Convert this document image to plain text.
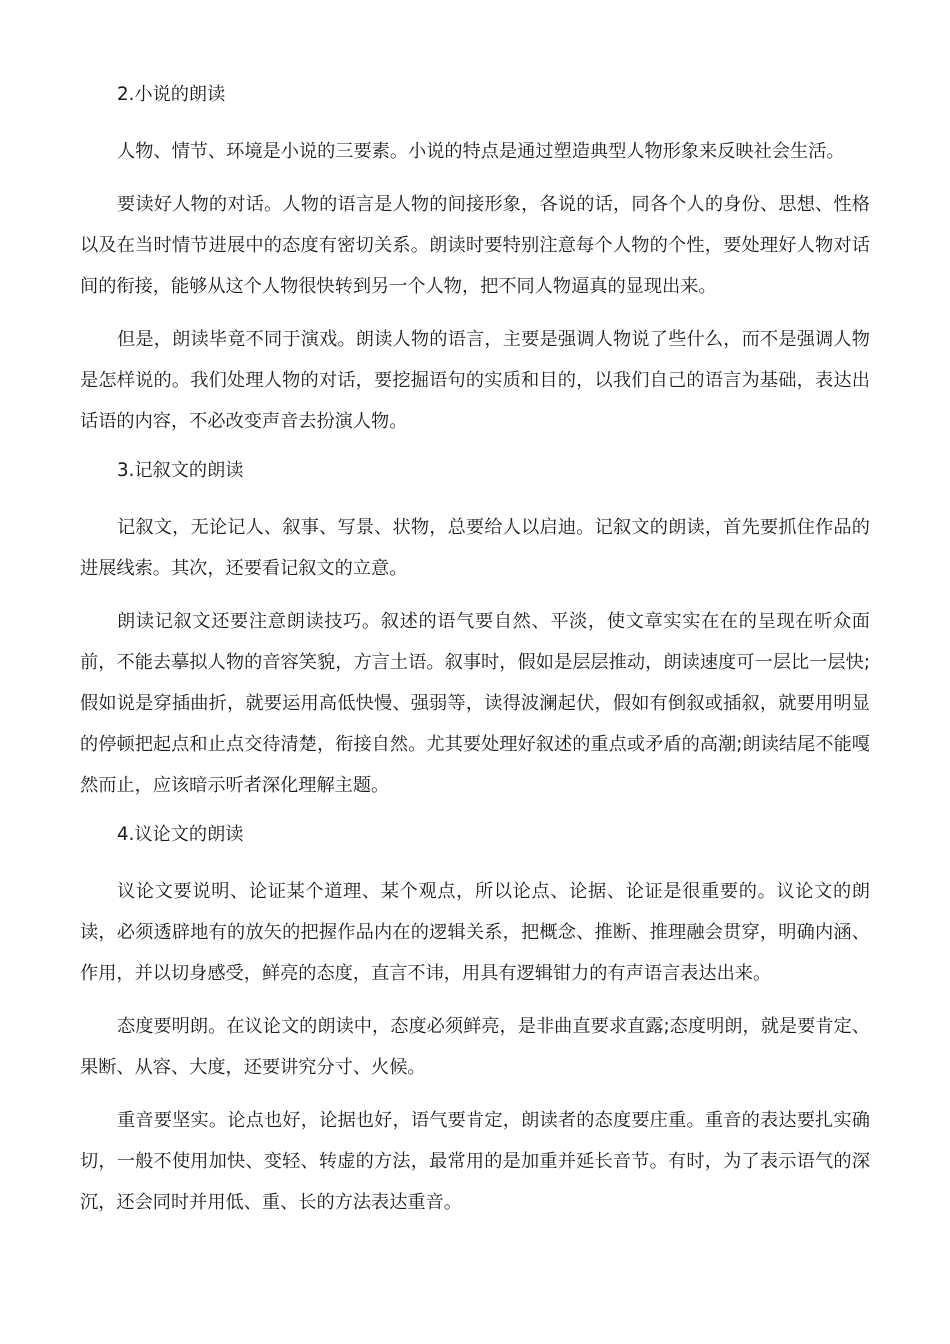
2.小说的朗读

人物、情节、环境是小说的三要素。小说的特点是通过塑造典型人物形象来反映社会生活。

要读好人物的对话。人物的语言是人物的间接形象，各说的话，同各个人的身份、思想、性格以及在当时情节进展中的态度有密切关系。朗读时要特别注意每个人物的个性，要处理好人物对话间的衔接，能够从这个人物很快转到另一个人物，把不同人物逼真的显现出来。

但是，朗读毕竟不同于演戏。朗读人物的语言，主要是强调人物说了些什么，而不是强调人物是怎样说的。我们处理人物的对话，要挖掘语句的实质和目的，以我们自己的语言为基础，表达出话语的内容，不必改变声音去扮演人物。

3.记叙文的朗读

记叙文，无论记人、叙事、写景、状物，总要给人以启迪。记叙文的朗读，首先要抓住作品的进展线索。其次，还要看记叙文的立意。

朗读记叙文还要注意朗读技巧。叙述的语气要自然、平淡，使文章实实在在的呈现在听众面前，不能去摹拟人物的音容笑貌，方言土语。叙事时，假如是层层推动，朗读速度可一层比一层快;假如说是穿插曲折，就要运用高低快慢、强弱等，读得波澜起伏，假如有倒叙或插叙，就要用明显的停顿把起点和止点交待清楚，衔接自然。尤其要处理好叙述的重点或矛盾的高潮;朗读结尾不能嘎然而止，应该暗示听者深化理解主题。

4.议论文的朗读

议论文要说明、论证某个道理、某个观点，所以论点、论据、论证是很重要的。议论文的朗读，必须透辟地有的放矢的把握作品内在的逻辑关系，把概念、推断、推理融会贯穿，明确内涵、作用，并以切身感受，鲜亮的态度，直言不讳，用具有逻辑钳力的有声语言表达出来。

态度要明朗。在议论文的朗读中，态度必须鲜亮，是非曲直要求直露;态度明朗，就是要肯定、果断、从容、大度，还要讲究分寸、火候。

重音要坚实。论点也好，论据也好，语气要肯定，朗读者的态度要庄重。重音的表达要扎实确切，一般不使用加快、变轻、转虚的方法，最常用的是加重并延长音节。有时，为了表示语气的深沉，还会同时并用低、重、长的方法表达重音。
